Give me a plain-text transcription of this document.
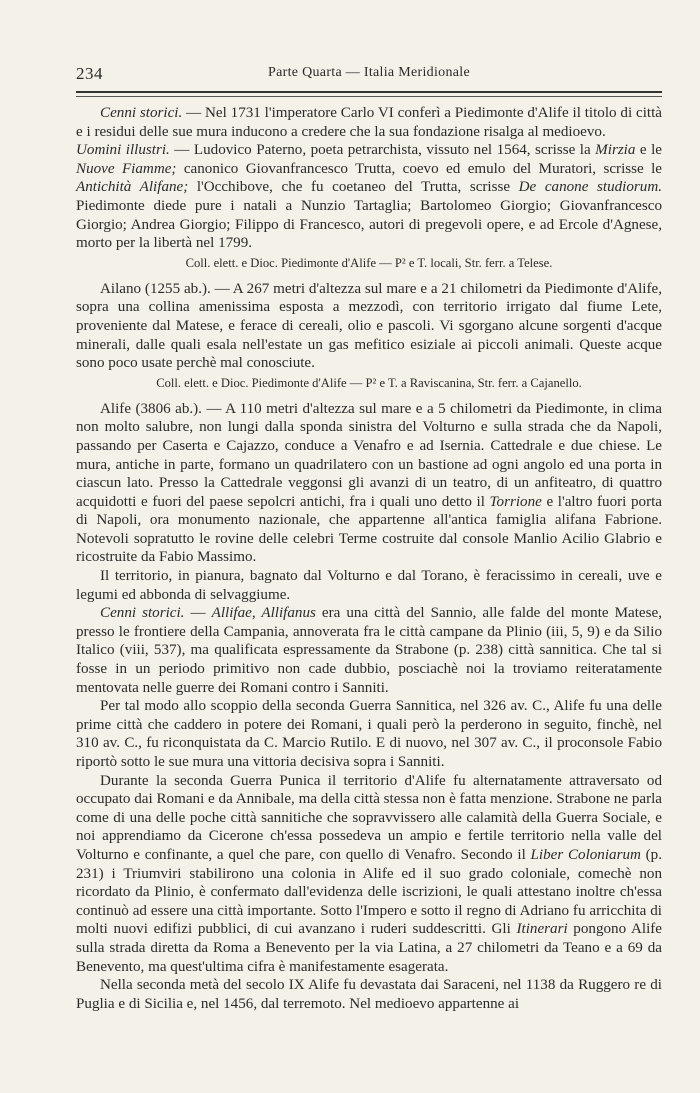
234	Parte Quarta — Italia Meridionale

Cenni storici. — Nel 1731 l'imperatore Carlo VI conferì a Piedimonte d'Alife il titolo di città e i residui delle sue mura inducono a credere che la sua fondazione risalga al medioevo.

Uomini illustri. — Ludovico Paterno, poeta petrarchista, vissuto nel 1564, scrisse la Mirzia e le Nuove Fiamme; canonico Giovanfrancesco Trutta, coevo ed emulo del Muratori, scrisse le Antichità Alifane; l'Occhibove, che fu coetaneo del Trutta, scrisse De canone studiorum. Piedimonte diede pure i natali a Nunzio Tartaglia; Bartolomeo Giorgio; Giovanfrancesco Giorgio; Andrea Giorgio; Filippo di Francesco, autori di pregevoli opere, e ad Ercole d'Agnese, morto per la libertà nel 1799.

Coll. elett. e Dioc. Piedimonte d'Alife — P² e T. locali, Str. ferr. a Telese.

Ailano (1255 ab.). — A 267 metri d'altezza sul mare e a 21 chilometri da Piedimonte d'Alife, sopra una collina amenissima esposta a mezzodì, con territorio irrigato dal fiume Lete, proveniente dal Matese, e ferace di cereali, olio e pascoli. Vi sgorgano alcune sorgenti d'acque minerali, dalle quali esala nell'estate un gas mefitico esiziale ai piccoli animali. Queste acque sono poco usate perchè mal conosciute.

Coll. elett. e Dioc. Piedimonte d'Alife — P² e T. a Raviscanina, Str. ferr. a Cajanello.

Alife (3806 ab.). — A 110 metri d'altezza sul mare e a 5 chilometri da Piedimonte, in clima non molto salubre, non lungi dalla sponda sinistra del Volturno e sulla strada che da Napoli, passando per Caserta e Cajazzo, conduce a Venafro e ad Isernia. Cattedrale e due chiese. Le mura, antiche in parte, formano un quadrilatero con un bastione ad ogni angolo ed una porta in ciascun lato. Presso la Cattedrale veggonsi gli avanzi di un teatro, di un anfiteatro, di quattro acquidotti e fuori del paese sepolcri antichi, fra i quali uno detto il Torrione e l'altro fuori porta di Napoli, ora monumento nazionale, che appartenne all'antica famiglia alifana Fabrione. Notevoli sopratutto le rovine delle celebri Terme costruite dal console Manlio Acilio Glabrio e ricostruite da Fabio Massimo.

Il territorio, in pianura, bagnato dal Volturno e dal Torano, è feracissimo in cereali, uve e legumi ed abbonda di selvaggiume.

Cenni storici. — Allifae, Allifanus era una città del Sannio, alle falde del monte Matese, presso le frontiere della Campania, annoverata fra le città campane da Plinio (iii, 5, 9) e da Silio Italico (viii, 537), ma qualificata espressamente da Strabone (p. 238) città sannitica. Che tal si fosse in un periodo primitivo non cade dubbio, posciachè noi la troviamo reiteratamente mentovata nelle guerre dei Romani contro i Sanniti.

Per tal modo allo scoppio della seconda Guerra Sannitica, nel 326 av. C., Alife fu una delle prime città che caddero in potere dei Romani, i quali però la perderono in seguito, finchè, nel 310 av. C., fu riconquistata da C. Marcio Rutilo. E di nuovo, nel 307 av. C., il proconsole Fabio riportò sotto le sue mura una vittoria decisiva sopra i Sanniti.

Durante la seconda Guerra Punica il territorio d'Alife fu alternatamente attraversato od occupato dai Romani e da Annibale, ma della città stessa non è fatta menzione. Strabone ne parla come di una delle poche città sannitiche che sopravvissero alle calamità della Guerra Sociale, e noi apprendiamo da Cicerone ch'essa possedeva un ampio e fertile territorio nella valle del Volturno e confinante, a quel che pare, con quello di Venafro. Secondo il Liber Coloniarum (p. 231) i Triumviri stabilirono una colonia in Alife ed il suo grado coloniale, comechè non ricordato da Plinio, è confermato dall'evidenza delle iscrizioni, le quali attestano inoltre ch'essa continuò ad essere una città importante. Sotto l'Impero e sotto il regno di Adriano fu arricchita di molti nuovi edifizi pubblici, di cui avanzano i ruderi suddescritti. Gli Itinerari pongono Alife sulla strada diretta da Roma a Benevento per la via Latina, a 27 chilometri da Teano e a 69 da Benevento, ma quest'ultima cifra è manifestamente esagerata.

Nella seconda metà del secolo IX Alife fu devastata dai Saraceni, nel 1138 da Ruggero re di Puglia e di Sicilia e, nel 1456, dal terremoto. Nel medioevo appartenne ai
